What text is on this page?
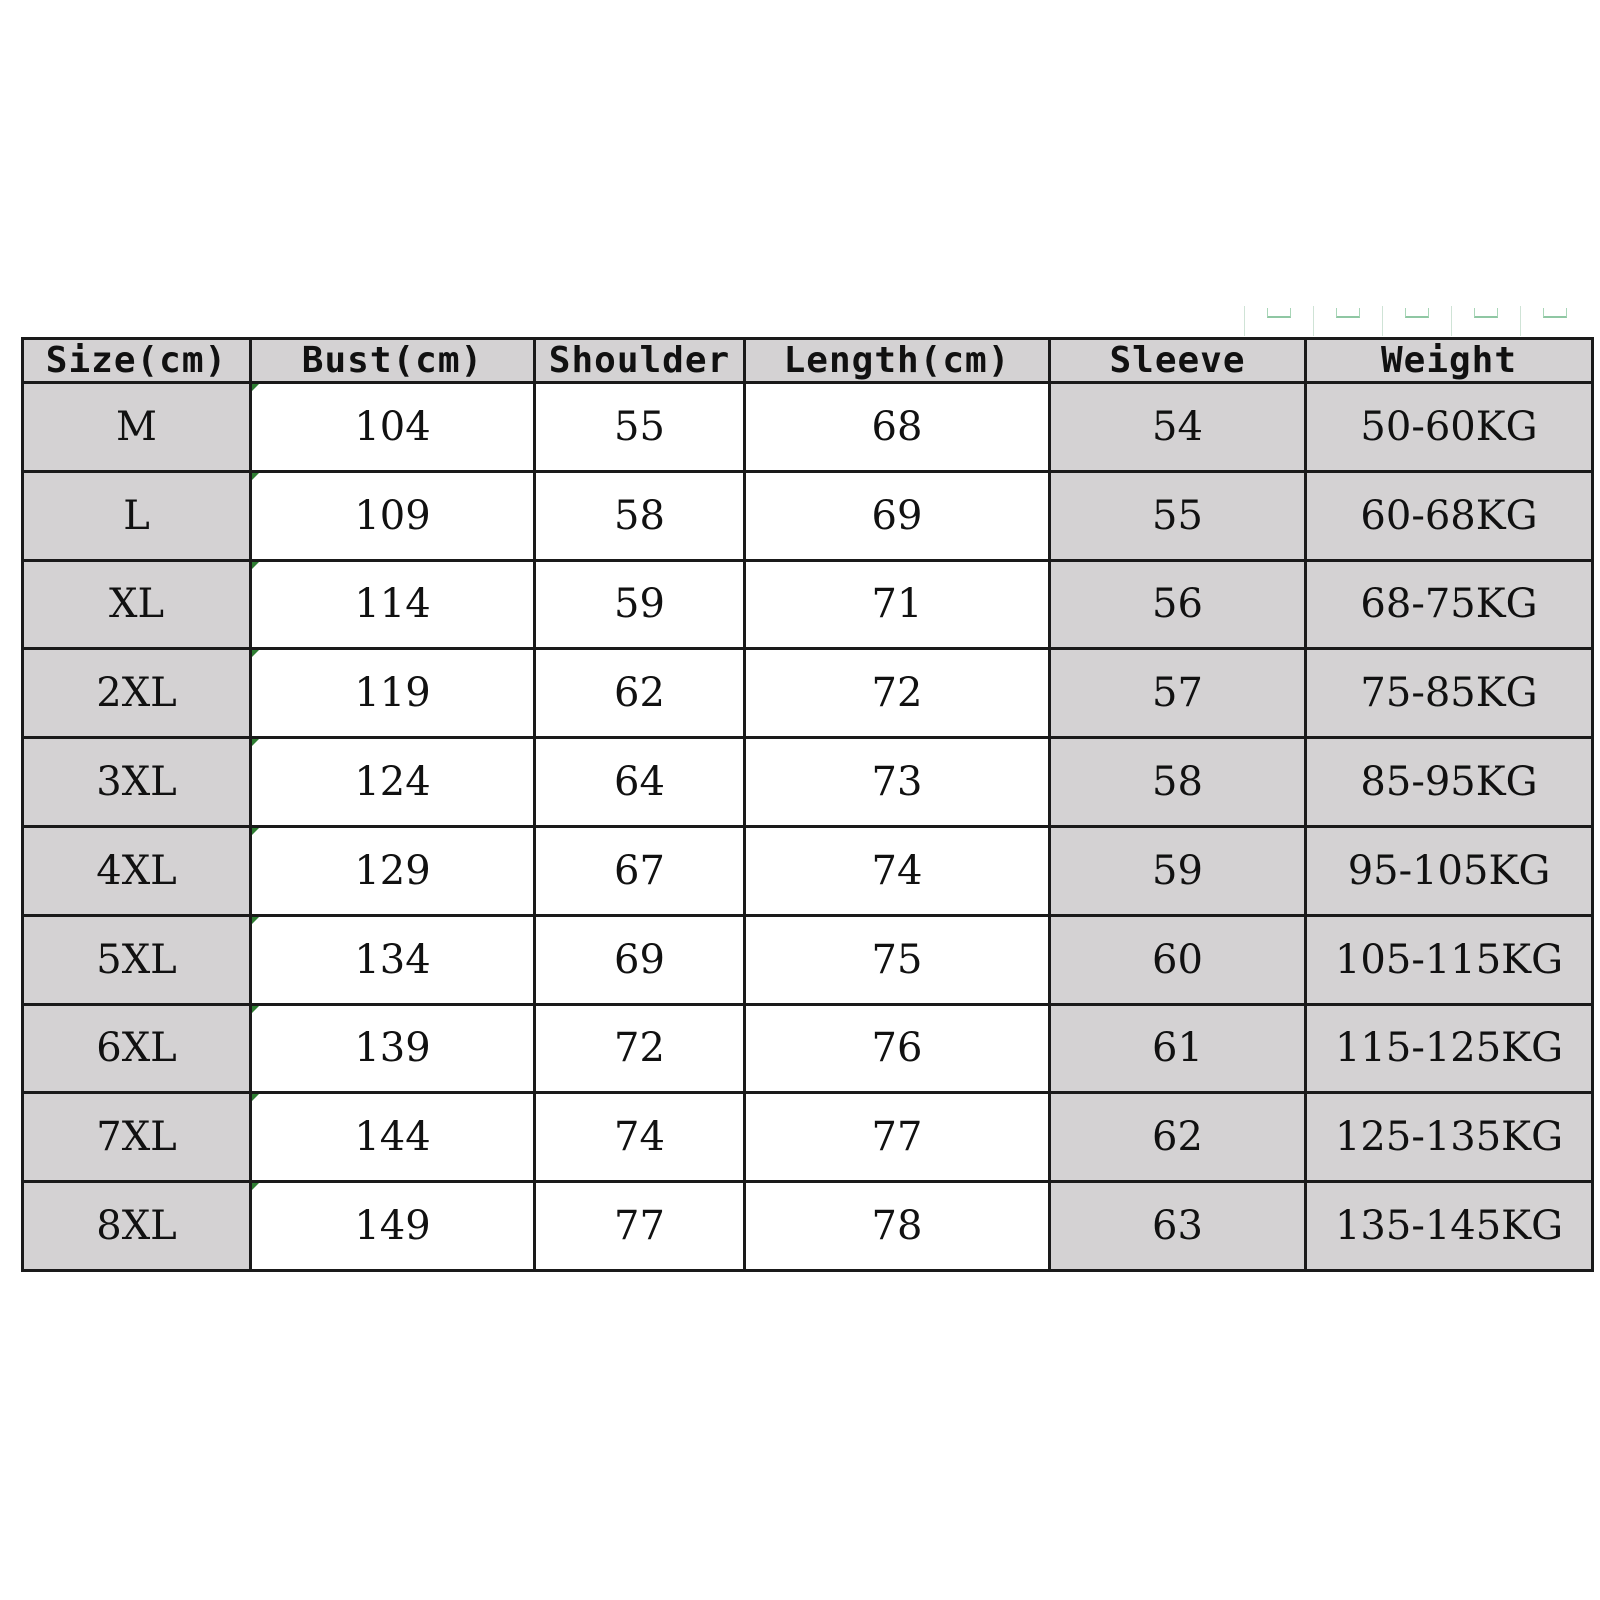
Size(cm)	Bust(cm)	Shoulder	Length(cm)	Sleeve	Weight
M	104	55	68	54	50-60KG
L	109	58	69	55	60-68KG
XL	114	59	71	56	68-75KG
2XL	119	62	72	57	75-85KG
3XL	124	64	73	58	85-95KG
4XL	129	67	74	59	95-105KG
5XL	134	69	75	60	105-115KG
6XL	139	72	76	61	115-125KG
7XL	144	74	77	62	125-135KG
8XL	149	77	78	63	135-145KG
